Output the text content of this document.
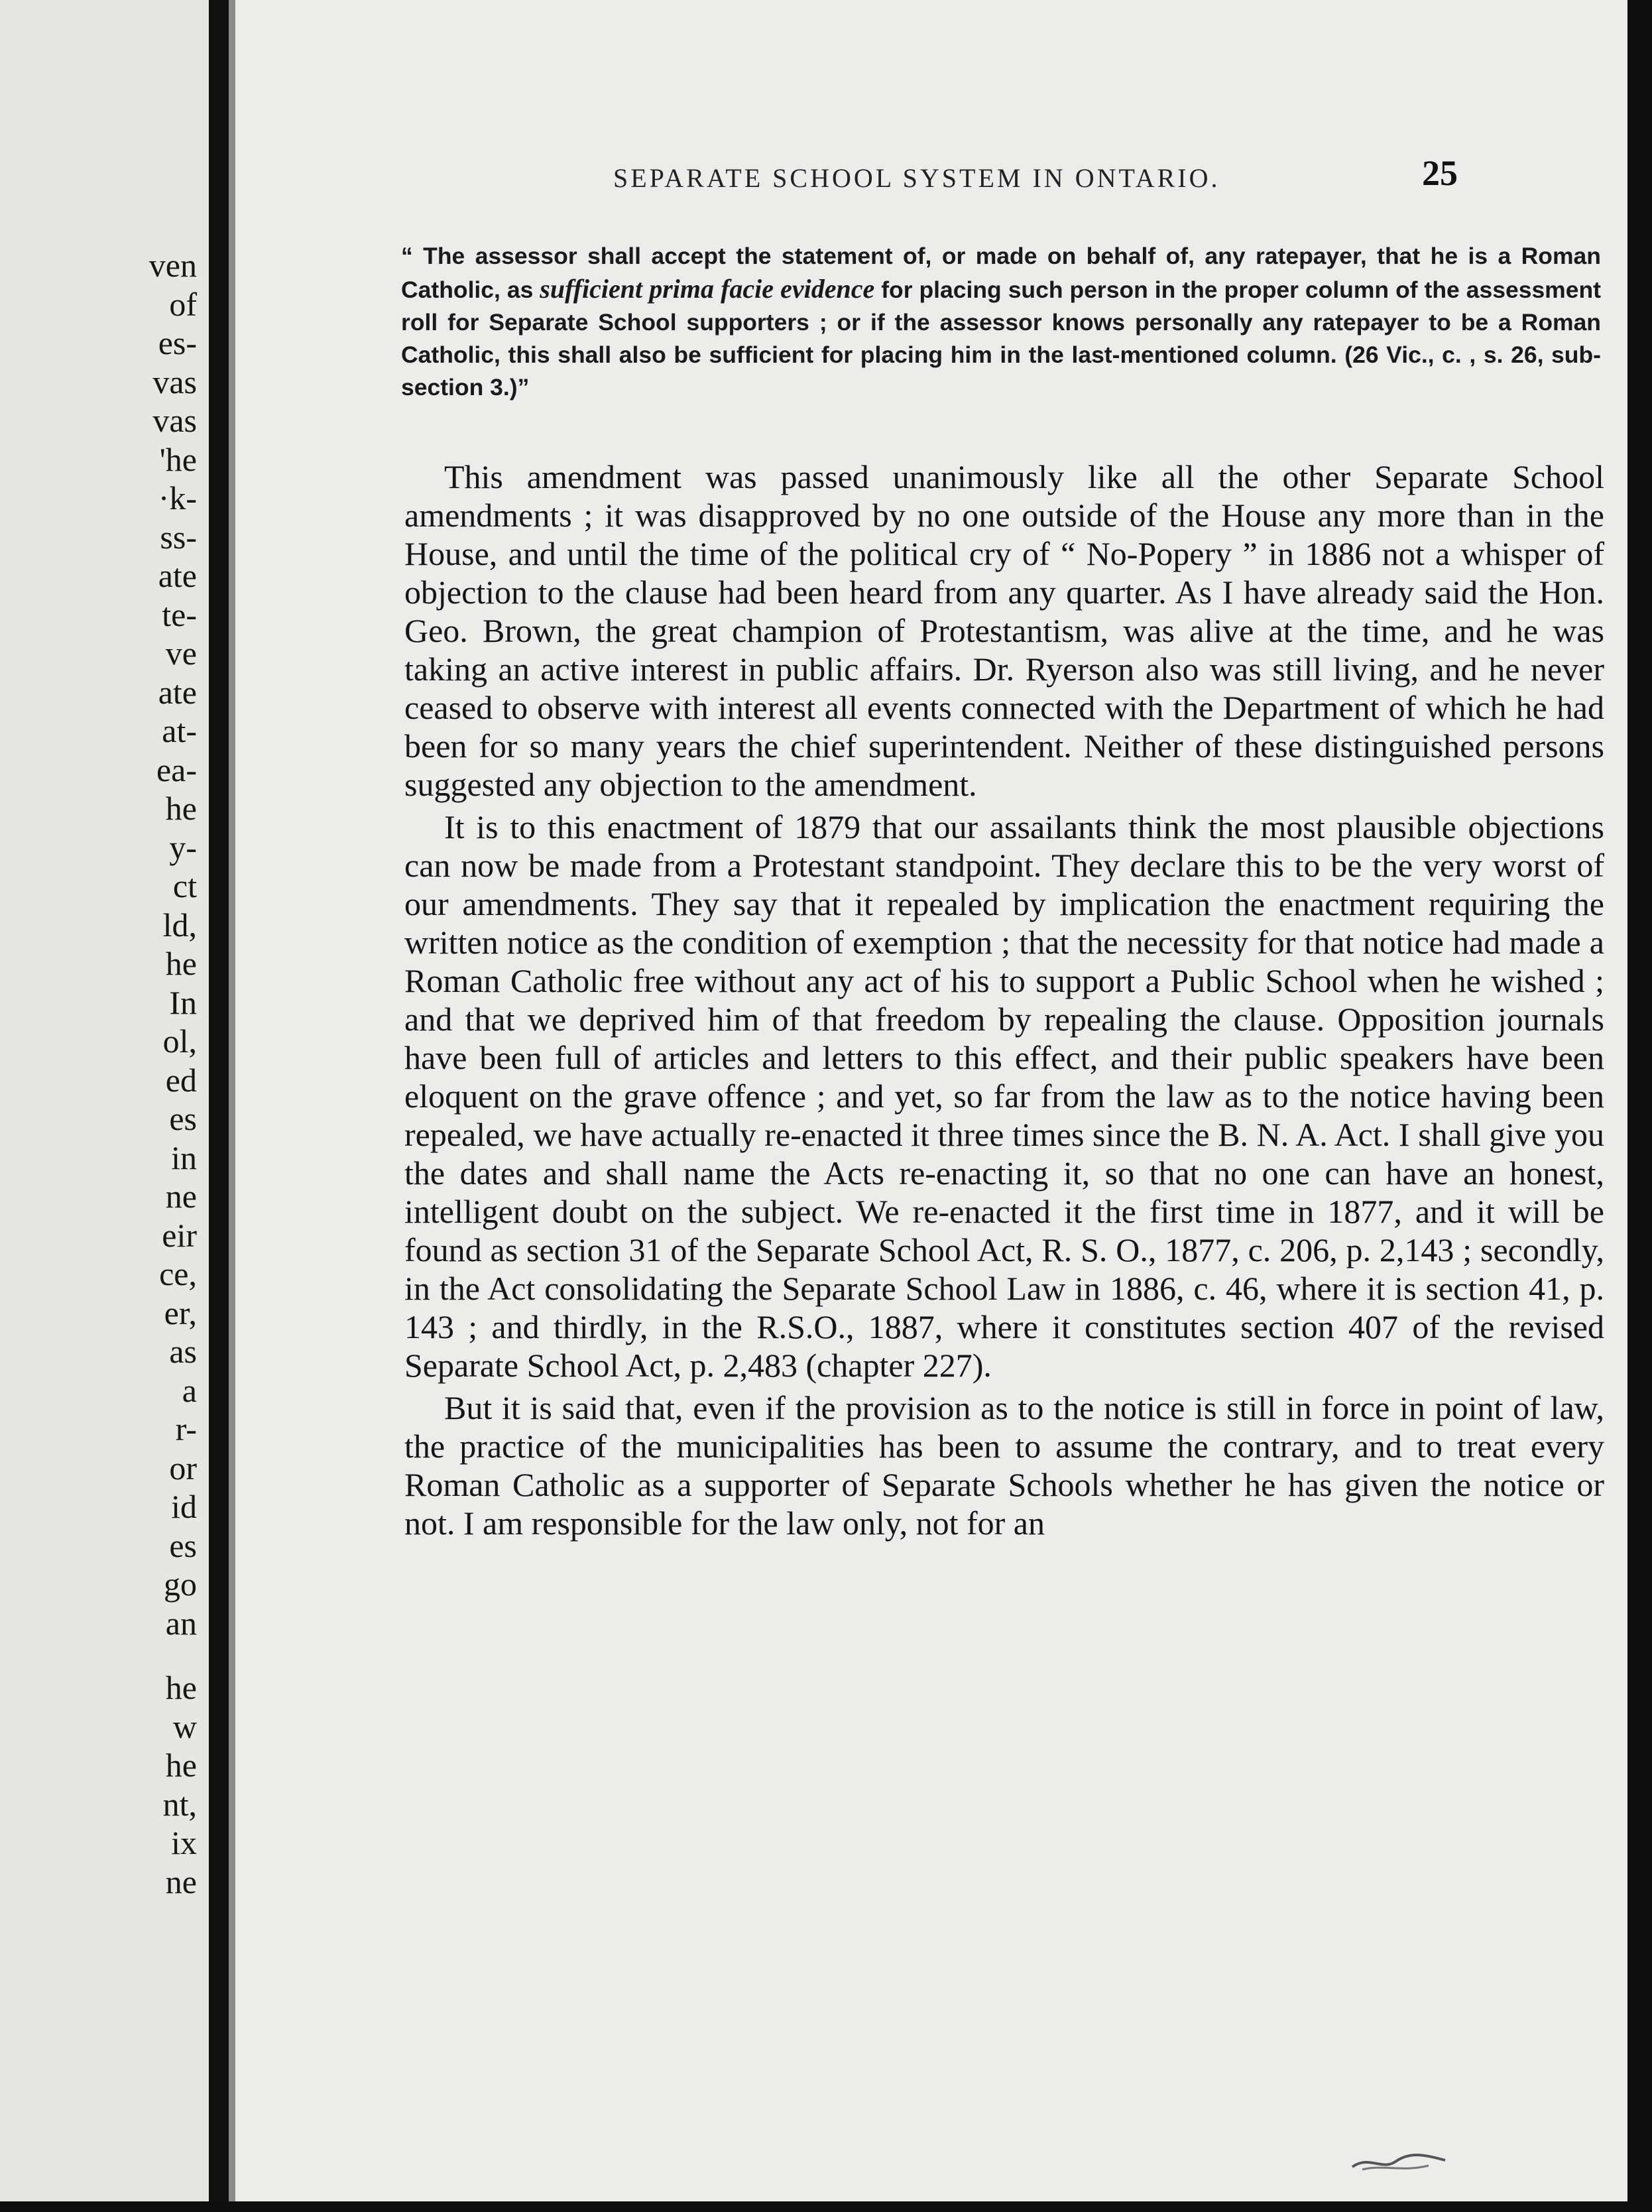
ven
of
es-
vas
vas
'he
·k-
ss-
ate
te-
ve
ate
at-
ea-
he
y-
ct
ld,
he
In
ol,
ed
es
in
ne
eir
ce,
er,
as
a
r-
or
id
es
go
an
he
w
he
nt,
ix
ne
SEPARATE SCHOOL SYSTEM IN ONTARIO.	25
“ The assessor shall accept the statement of, or made on behalf of, any ratepayer, that he is a Roman Catholic, as sufficient prima facie evidence for placing such person in the proper column of the assessment roll for Separate School supporters ; or if the assessor knows personally any ratepayer to be a Roman Catholic, this shall also be sufficient for placing him in the last-mentioned column. (26 Vic., c. , s. 26, sub-section 3.)”

This amendment was passed unanimously like all the other Separate School amendments ; it was disapproved by no one outside of the House any more than in the House, and until the time of the political cry of “ No-Popery ” in 1886 not a whisper of objection to the clause had been heard from any quarter. As I have already said the Hon. Geo. Brown, the great champion of Protestantism, was alive at the time, and he was taking an active interest in public affairs. Dr. Ryerson also was still living, and he never ceased to observe with interest all events connected with the Department of which he had been for so many years the chief superintendent. Neither of these distinguished persons suggested any objection to the amendment.

It is to this enactment of 1879 that our assailants think the most plausible objections can now be made from a Protestant standpoint. They declare this to be the very worst of our amendments. They say that it repealed by implication the enactment requiring the written notice as the condition of exemption ; that the necessity for that notice had made a Roman Catholic free without any act of his to support a Public School when he wished ; and that we deprived him of that freedom by repealing the clause. Opposition journals have been full of articles and letters to this effect, and their public speakers have been eloquent on the grave offence ; and yet, so far from the law as to the notice having been repealed, we have actually re-enacted it three times since the B. N. A. Act. I shall give you the dates and shall name the Acts re-enacting it, so that no one can have an honest, intelligent doubt on the subject. We re-enacted it the first time in 1877, and it will be found as section 31 of the Separate School Act, R. S. O., 1877, c. 206, p. 2,143 ; secondly, in the Act consolidating the Separate School Law in 1886, c. 46, where it is section 41, p. 143 ; and thirdly, in the R.S.O., 1887, where it constitutes section 407 of the revised Separate School Act, p. 2,483 (chapter 227).

But it is said that, even if the provision as to the notice is still in force in point of law, the practice of the municipalities has been to assume the contrary, and to treat every Roman Catholic as a supporter of Separate Schools whether he has given the notice or not. I am responsible for the law only, not for an
